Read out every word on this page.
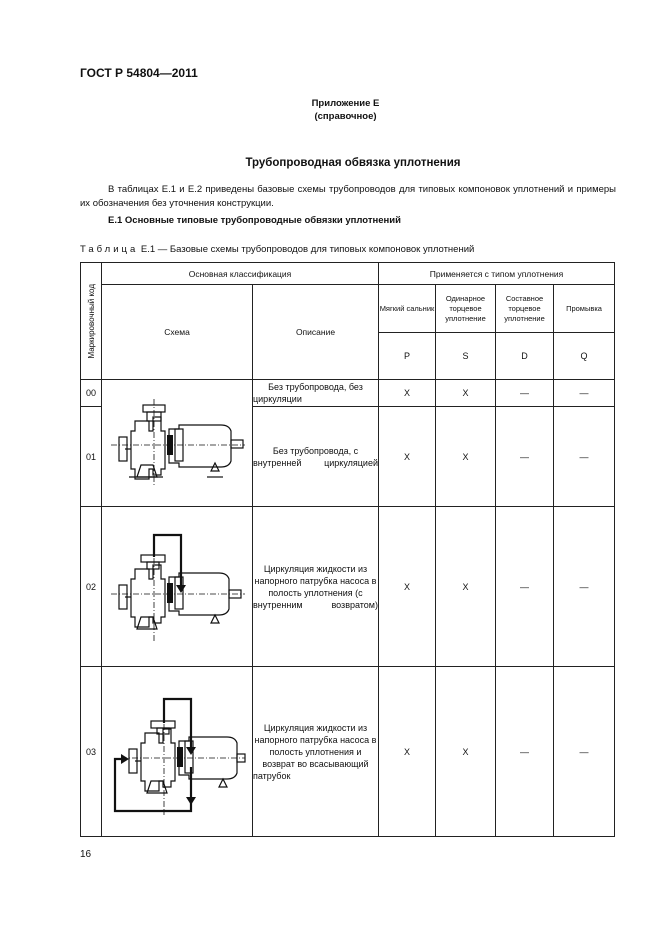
ГОСТ Р 54804—2011
Приложение Е
(справочное)
Трубопроводная обвязка уплотнения
В таблицах Е.1 и Е.2 приведены базовые схемы трубопроводов для типовых компоновок уплотнений и примеры их обозначения без уточнения конструкции.
Е.1 Основные типовые трубопроводные обвязки уплотнений
Таблица Е.1 — Базовые схемы трубопроводов для типовых компоновок уплотнений
Маркировочный код	Основная классификация		Применяется с типом уплотнения			
	Схема	Описание	Мягкий сальник	Одинарное торцевое уплотнение	Составное торцевое уплотнение	Промывка
			P	S	D	Q
00		Без трубопровода, без циркуляции	X	X	—	—
01		Без трубопровода, с внутренней циркуляцией	X	X	—	—
02		Циркуляция жидкости из напорного патрубка насоса в полость уплотнения (с внутренним возвратом)	X	X	—	—
03		Циркуляция жидкости из напорного патрубка насоса в полость уплотнения и возврат во всасывающий патрубок	X	X	—	—
16
